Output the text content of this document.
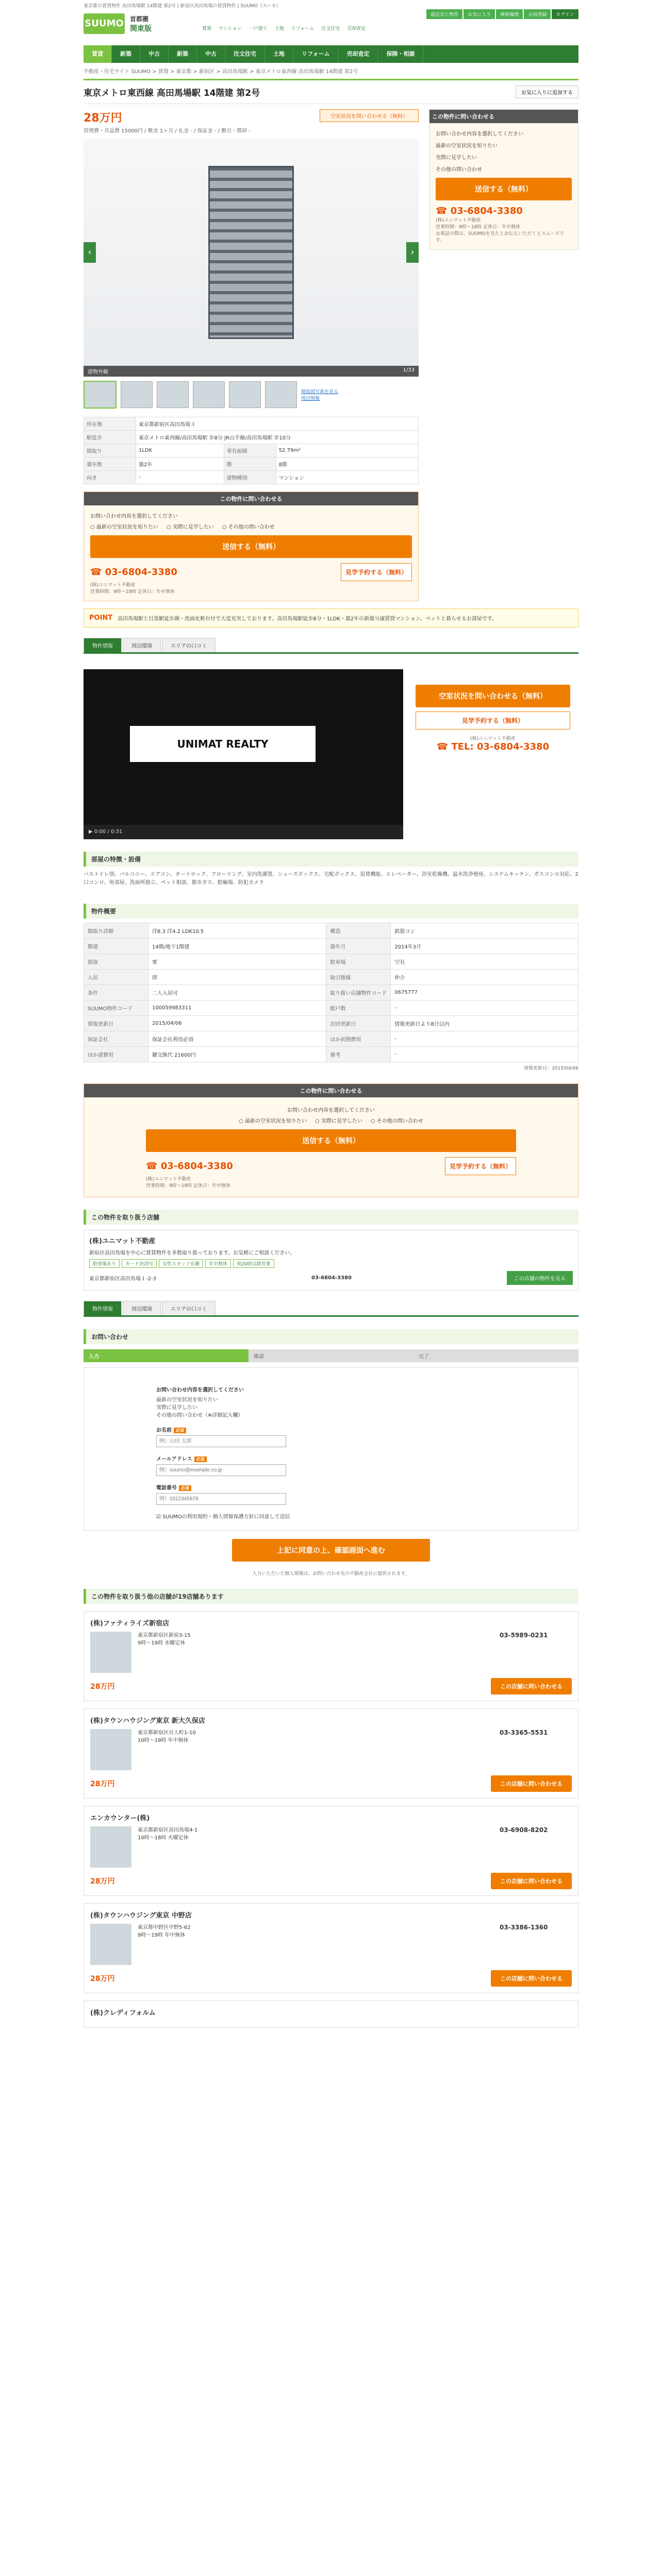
東京都の賃貸物件 高田馬場駅 14階建 第2号 | 新宿区高田馬場の賃貸物件 | SUUMO（スーモ）
SUUMO 首都圏
関東版
最近見た物件	お気に入り	検索履歴	会員登録	ログイン
賃貸 マンション 一戸建て 土地 リフォーム 注文住宅 売却査定
賃貸	新築	中古	新築	中古	注文住宅	土地	リフォーム	売却査定	保険・相談
不動産・住宅サイト SUUMO > 賃貸 > 東京都 > 新宿区 > 高田馬場駅 > 東京メトロ東西線 高田馬場駅 14階建 第2号
東京メトロ東西線 高田馬場駅 14階建 第2号	お気に入りに追加する
空室状況を問い合わせる（無料）
28万円
管理費・共益費 15000円 / 敷金 1ヶ月 / 礼金 - / 保証金 - / 敷引・償却 -
‹	›
建物外観	1/33
間取図写真を見る
周辺情報
所在地	東京都新宿区高田馬場３		
駅徒歩	東京メトロ東西線/高田馬場駅 歩8分 JR山手線/高田馬場駅 歩10分		
間取り	1LDK	専有面積	52.79m²
築年数	築2年	階	8階
向き	-	建物種別	マンション
この物件に問い合わせる
お問い合わせ内容を選択してください
○ 最新の空室状況を知りたい	○ 実際に見学したい	○ その他の問い合わせ
送信する（無料）
☎ 03-6804-3380	見学予約する（無料）
(株)ユニマット不動産
営業時間：9時～18時 定休日：年中無休
この物件に問い合わせる
お問い合わせ内容を選択してください
最新の空室状況を知りたい
実際に見学したい
その他の問い合わせ
送信する（無料）
☎ 03-6804-3380
(株)ユニマット不動産
営業時間：9時～18時 定休日：年中無休
お電話の際は、SUUMOを見たとお伝えいただくとスムーズです。
POINT 高田馬場駅と目黒駅徒歩圏・洗面化粧台付で大変充実しております。高田馬場駅徒歩8分・1LDK・築2年の新築分譲賃貸マンション。ペットと暮らせるお部屋です。
物件情報	周辺環境	エリアの口コミ
UNIMAT REALTY
▶ 0:00 / 0:31
空室状況を問い合わせる（無料）
見学予約する（無料）
(株)ユニマット不動産
☎ TEL: 03-6804-3380
部屋の特徴・設備
バストイレ別、バルコニー、エアコン、オートロック、フローリング、室内洗濯置、シューズボックス、宅配ボックス、追焚機能、エレベーター、浴室乾燥機、温水洗浄便座、システムキッチン、ガスコンロ対応、2口コンロ、角部屋、洗面所独立、ペット相談、都市ガス、駐輪場、防犯カメラ
物件概要
間取り詳細	洋8.3 洋4.2 LDK10.5	構造	鉄筋コン
階建	14階/地下1階建	築年月	2014年3月
損保	要	駐車場	空有
入居	即	取引態様	仲介
条件	二人入居可	取り扱い店舗物件コード	0675777
SUUMO物件コード	100059983311	総戸数	-
情報更新日	2015/04/06	次回更新日	情報更新日より8日以内
保証会社	保証会社利用必須	ほか初期費用	-
ほか諸費用	鍵交換代 21600円	備考	-
情報更新日：2015/04/06
この物件に問い合わせる
お問い合わせ内容を選択してください
○ 最新の空室状況を知りたい	○ 実際に見学したい	○ その他の問い合わせ
送信する（無料）
☎ 03-6804-3380	見学予約する（無料）
(株)ユニマット不動産
営業時間：9時～18時 定休日：年中無休
この物件を取り扱う店舗
(株)ユニマット不動産
新宿区高田馬場を中心に賃貸物件を多数取り扱っております。お気軽にご相談ください。
駐車場あり	カード決済可	女性スタッフ在籍	年中無休	夜20時以降営業
東京都新宿区高田馬場１-2-3	03-6804-3380	この店舗の物件を見る
物件情報	周辺環境	エリアの口コミ
お問い合わせ
入力	確認	完了
お問い合わせ内容を選択してください
最新の空室状況を知りたい
実際に見学したい
その他の問い合わせ（※詳細記入欄）
お名前 必須
例）山田 太郎
メールアドレス 必須
例）suumo@example.co.jp
電話番号 必須
例）0312345678
☑ SUUMOの利用規約・個人情報保護方針に同意して送信
上記に同意の上、確認画面へ進む
入力いただいた個人情報は、お問い合わせ先の不動産会社に提供されます。
この物件を取り扱う他の店舗が19店舗あります
(株)ファティライズ新宿店
東京都新宿区新宿3-15
9時～19時 水曜定休
03-5989-0231
28万円	この店舗に問い合わせる
(株)タウンハウジング東京 新大久保店
東京都新宿区百人町1-10
10時～19時 年中無休
03-3365-5531
28万円	この店舗に問い合わせる
エンカウンター(株)
東京都新宿区高田馬場4-1
10時～18時 火曜定休
03-6908-8202
28万円	この店舗に問い合わせる
(株)タウンハウジング東京 中野店
東京都中野区中野5-62
9時～19時 年中無休
03-3386-1360
28万円	この店舗に問い合わせる
(株)クレディフォルム
